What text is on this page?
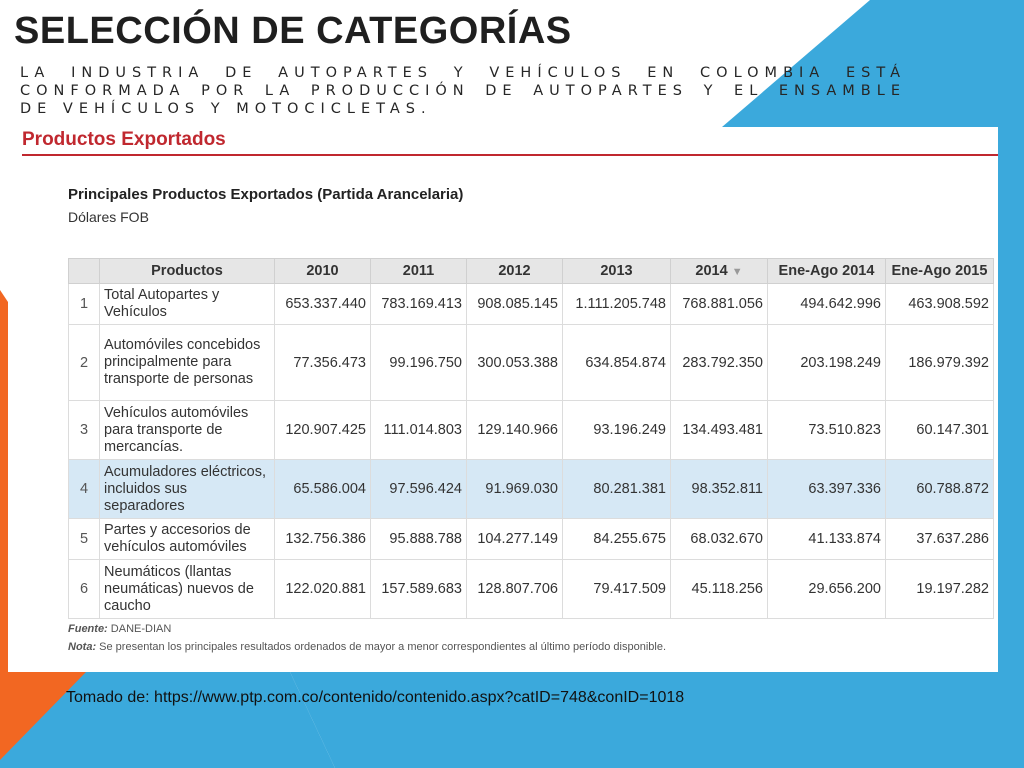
SELECCIÓN DE CATEGORÍAS

LA INDUSTRIA DE AUTOPARTES Y VEHÍCULOS EN COLOMBIA ESTÁ CONFORMADA POR LA PRODUCCIÓN DE AUTOPARTES Y EL ENSAMBLE DE VEHÍCULOS Y MOTOCICLETAS.

Productos Exportados
Principales Productos Exportados (Partida Arancelaria)
Dólares FOB
	Productos	2010	2011	2012	2013	2014 ▼	Ene-Ago 2014	Ene-Ago 2015
1	Total Autopartes y Vehículos	653.337.440	783.169.413	908.085.145	1.111.205.748	768.881.056	494.642.996	463.908.592
2	Automóviles concebidos principalmente para transporte de personas	77.356.473	99.196.750	300.053.388	634.854.874	283.792.350	203.198.249	186.979.392
3	Vehículos automóviles para transporte de mercancías.	120.907.425	111.014.803	129.140.966	93.196.249	134.493.481	73.510.823	60.147.301
4	Acumuladores eléctricos, incluidos sus separadores	65.586.004	97.596.424	91.969.030	80.281.381	98.352.811	63.397.336	60.788.872
5	Partes y accesorios de vehículos automóviles	132.756.386	95.888.788	104.277.149	84.255.675	68.032.670	41.133.874	37.637.286
6	Neumáticos (llantas neumáticas) nuevos de caucho	122.020.881	157.589.683	128.807.706	79.417.509	45.118.256	29.656.200	19.197.282
Fuente: DANE-DIAN
Nota: Se presentan los principales resultados ordenados de mayor a menor correspondientes al último período disponible.
Tomado de: https://www.ptp.com.co/contenido/contenido.aspx?catID=748&conID=1018
